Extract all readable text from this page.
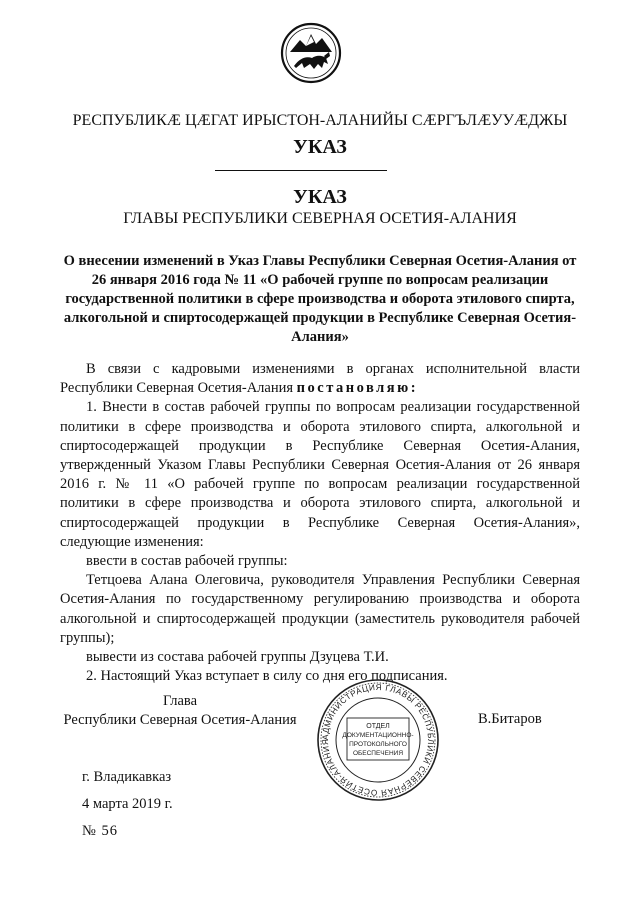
РЕСПУБЛИКӔ ЦӔГАТ ИРЫСТОН-АЛАНИЙЫ СӔРГЪЛӔУУӔДЖЫ
УКАЗ
УКАЗ
ГЛАВЫ РЕСПУБЛИКИ СЕВЕРНАЯ ОСЕТИЯ-АЛАНИЯ
О внесении изменений в Указ Главы Республики Северная Осетия-Алания от 26 января 2016 года № 11 «О рабочей группе по вопросам реализации государственной политики в сфере производства и оборота этилового спирта, алкогольной и спиртосодержащей продукции в Республике Северная Осетия-Алания»

В связи с кадровыми изменениями в органах исполнительной власти Республики Северная Осетия-Алания постановляю:

1. Внести в состав рабочей группы по вопросам реализации государственной политики в сфере производства и оборота этилового спирта, алкогольной и спиртосодержащей продукции в Республике Северная Осетия-Алания, утвержденный Указом Главы Республики Северная Осетия-Алания от 26 января 2016 г. № 11 «О рабочей группе по вопросам реализации государственной политики в сфере производства и оборота этилового спирта, алкогольной и спиртосодержащей продукции в Республике Северная Осетия-Алания», следующие изменения:

ввести в состав рабочей группы:

Тетцоева Алана Олеговича, руководителя Управления Республики Северная Осетия-Алания по государственному регулированию производства и оборота алкогольной и спиртосодержащей продукции (заместитель руководителя рабочей группы);

вывести из состава рабочей группы Дзуцева Т.И.

2. Настоящий Указ вступает в силу со дня его подписания.

Глава
Республики Северная Осетия-Алания
АДМИНИСТРАЦИЯ ГЛАВЫ РЕСПУБЛИКИ СЕВЕРНАЯ ОСЕТИЯ-АЛАНИЯ
ОТДЕЛ
ДОКУМЕНТАЦИОННО-
ПРОТОКОЛЬНОГО
ОБЕСПЕЧЕНИЯ
В.Битаров
г. Владикавказ
4 марта 2019 г.
№ 56
